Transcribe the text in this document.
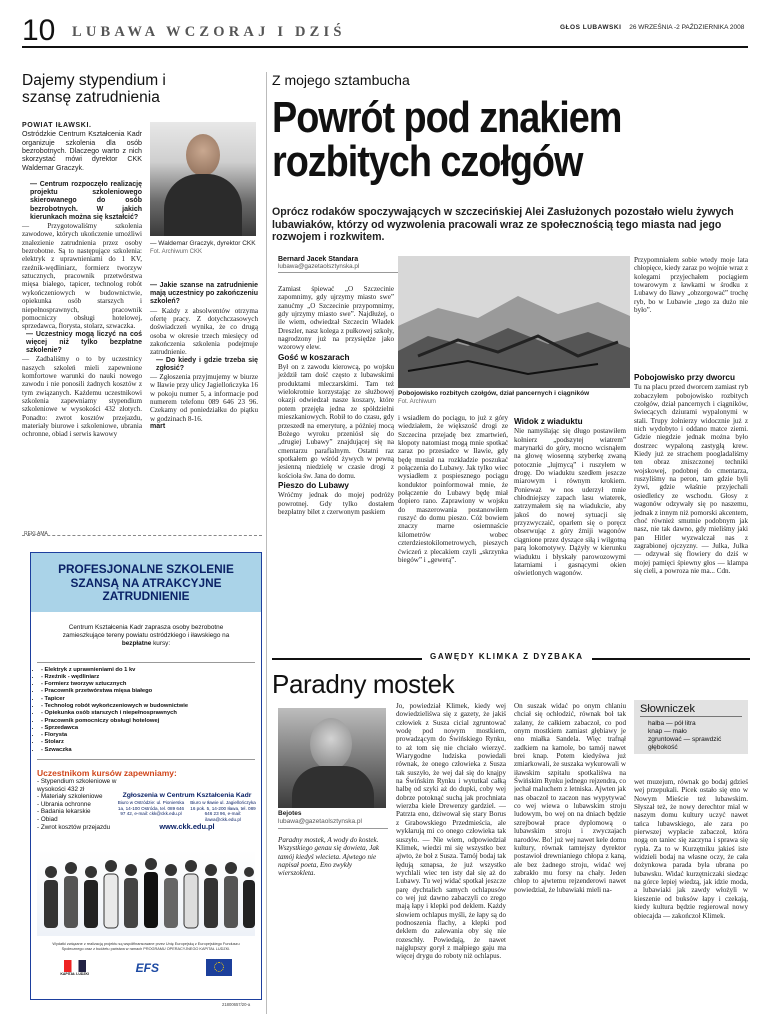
10 LUBAWA WCZORAJ I DZIŚ	GŁOS LUBAWSKI 26 WRZEŚNIA -2 PAŹDZIERNIKA 2008
Dajemy stypendium i szansę zatrudnienia
— Waldemar Graczyk, dyrektor CKK Fot. Archiwum CKK
POWIAT IŁAWSKI.

Ostródzkie Centrum Kształcenia Kadr organizuje szkolenia dla osób bezrobotnych. Dlaczego warto z nich skorzystać mówi dyrektor CKK Waldemar Graczyk.

— Centrum rozpoczęło realizację projektu szkoleniowego skierowanego do osób bezrobotnych. W jakich kierunkach można się kształcić?

— Przygotowaliśmy szkolenia zawodowe, których ukończenie umożliwi znalezienie zatrudnienia przez osoby bezrobotne. Są to następujące szkolenia: elektryk z uprawnieniami do 1 KV, rzeźnik-wędliniarz, formierz tworzyw sztucznych, pracownik przetwórstwa mięsa białego, tapicer, technolog robót wykończeniowych w budownictwie, opiekunka osób starszych i niepełnosprawnych, pracownik pomocniczy obsługi hotelowej, sprzedawca, florysta, stolarz, szwaczka.

— Uczestnicy mogą liczyć na coś więcej niż tylko bezpłatne szkolenie?

— Zadbaliśmy o to by uczestnicy naszych szkoleń mieli zapewnione komfortowe warunki do nauki nowego zawodu i nie ponosili żadnych kosztów z tym związanych. Każdemu uczestnikowi szkolenia zapewniamy stypendium szkoleniowe w wysokości 432 złotych. Ponadto: zwrot kosztów przejazdu, materiały biurowe i szkoleniowe, ubrania ochronne, obiad i serwis kawowy

— Jakie szanse na zatrudnienie mają uczestnicy po zakończeniu szkoleń?

— Każdy z absolwentów otrzyma ofertę pracy. Z dotychczasowych doświadczeń wynika, że co drugą osoba w okresie trzech miesięcy od zakończenia szkolenia podejmuje zatrudnienie.

— Do kiedy i gdzie trzeba się zgłosić?

— Zgłoszenia przyjmujemy w biurze w Iławie przy ulicy Jagiellończyka 16 w pokoju numer 5, a informacje pod numerem telefonu 089 646 23 96. Czekamy od poniedziałku do piątku w godzinach 8-16.

mart

REKLAMA
PROFESJONALNE SZKOLENIE SZANSĄ NA ATRAKCYJNE ZATRUDNIENIE
Centrum Kształcenia Kadr zaprasza osoby bezrobotne zamieszkujące tereny powiatu ostródzkiego i iławskiego na bezpłatne kursy:
- • Elektryk z uprawnieniami do 1 kv
- • Rzeźnik - wędliniarz
- • Formierz tworzyw sztucznych
- • Pracownik przetwórstwa mięsa białego
- • Tapicer
- • Technolog robót wykończeniowych w budownictwie
- • Opiekunka osób starszych i niepełnosprawnych
- • Pracownik pomocniczy obsługi hotelowej
- • Sprzedawca
- • Florysta
- • Stolarz
- • Szwaczka
Uczestnikom kursów zapewniamy:
- • Stypendium szkoleniowe w wysokości 432 zł
- • Materiały szkoleniowe
- • Ubrania ochronne
- • Badania lekarskie
- • Obiad
- • Zwrot kosztów przejazdu
Zgłoszenia w Centrum Kształcenia Kadr
Biuro w Ostródzie: ul. Pionierska 1a, 14-100 Ostróda, tel. 089 646 97 42, e-mail: ckk@ckk.edu.pl
Biuro w Iławie ul. Jagiellończyka 16 pok. 5, 14-200 Iława, tel. 089 646 23 96, e-mail: ilawa@ckk.edu.pl
www.ckk.edu.pl
Wydatki związane z realizacją projektu są współfinansowane przez Unię Europejską z Europejskiego Funduszu Społecznego oraz z budżetu państwa w ramach PROGRAMU OPERACYJNEGO KAPITAŁ LUDZKI.
KAPITAŁ LUDZKI	EFS
21800657/20-a
Z mojego sztambucha
Powrót pod znakiem rozbitych czołgów
Oprócz rodaków spoczywających w szczecińskiej Alei Zasłużonych pozostało wielu żywych lubawiaków, którzy od wyzwolenia pracowali wraz ze społecznością tego miasta nad jego rozwojem i rozkwitem.
Bernard Jacek Standara
lubawa@gazetaolsztynska.pl

Zamiast śpiewać „O Szczecinie zapomnimy, gdy ujrzymy miasto swe” zanućmy „O Szczecinie przypomnimy, gdy ujrzymy miasto swe”. Najdłużej, o ile wiem, odwiedzał Szczecin Władek Dreszler, nasz kolega z pułkowej szkoły, nagrodzony już na przysiędze jako wzorowy elew.

Gość w koszarach

Był on z zawodu kierowcą, po wojsku jeździł tam dość często z lubawskimi produktami mleczarskimi. Tam też wielokrotnie korzystając ze służbowej okazji odwiedzał nasze koszary, które potem przejęła jedna ze spółdzielni mieszkaniowych. Robił to do czasu, gdy przeszedł na emeryturę, a później mocą Bożego wyroku przeniósł się do „drugiej Lubawy” znajdującej się na cmentarzu parafialnym. Ostatni raz spotkałem go wśród żywych w pewną jesienną niedzielę w czasie drogi z kościoła św. Jana do domu.

Pieszo do Lubawy

Wróćmy jednak do mojej podróży powrotnej. Gdy tylko dostałem bezpłatny bilet z czerwonym paskiem

Pobojowisko rozbitych czołgów, dział pancernych i ciągników
Fot. Archiwum

i wsiadłem do pociągu, to już z góry wiedziałem, że większość drogi ze Szczecina przejadę bez zmartwień, kłopoty natomiast mogą mnie spotkać zaraz po przesiadce w Iławie, gdy będę musiał na rozkładzie poszukać połączenia do Lubawy. Jak tylko wiec wysiadłem z pospiesznego pociągu konduktor poinformował mnie, że połączenie do Lubawy będę miał dopiero rano. Zaprawiony w wojsku do maszerowania postanowiłem ruszyć do domu pieszo. Cóż bowiem znaczy marne osiemnaście kilometrów wobec czterdziestokilometrowych, pieszych ćwiczeń z plecakiem czyli „skrzynka biegów” i „gewerą”.

Widok z wiaduktu

Nie namyślając się długo postawiłem kołnierz „podszytej wiatrem” marynarki do góry, mocno wcisnąłem na głowę wiosenną szyberkę zwaną potocznie „lujmycą” i ruszyłem w drogę. Do wiaduktu szedłem jeszcze miarowym i równym krokiem. Ponieważ w nos uderzył mnie chłodniejszy zapach lasu wiaterek, zatrzymałem się na wiadukcie, aby jakoś do nowej sytuacji się przyzwyczaić, oparłem się o poręcz obserwując z góry źmiji wagonów ciągnione przez dyszące siłą i wilgotną parą lokomotywy. Dążyły w kierunku wiaduktu i błyskały parowozowymi latarniami i gasnącymi okien oświetlonych wagonów.

Przypomniałem sobie wtedy moje lata chłopięce, kiedy zaraz po wojnie wraz z kolegami przyjechałem pociągiem towarowym z ławkami w środku z Lubawy do Iławy „obzorgować” trochę ryb, bo w Lubawie „tego za dużo nie było”.

Pobojowisko przy dworcu

Tu na placu przed dworcem zamiast ryb zobaczyłem pobojowisko rozbitych czołgów, dział pancernych i ciągników, świecących dziurami wypalonymi w stali. Trupy żołnierzy widocznie już z nich wydobyto i oddano matce ziemi. Gdzie niegdzie jednak można było dostrzec wypaloną zastygłą krew. Kiedy już ze strachem poogladaliśmy ten obraz zniszczonej techniki wojskowej, podobnej do cmentarza, ruszyliśmy na peron, tam gdzie byli żywi, gdzie właśnie przyjechali osiedleńcy ze wschodu. Głosy z wagonów odzywały się po naszemu, jednak z innym niż pomorski akcentem, choć również smutnie podobnym jak nasz, nie tak dawno, gdy mieliśmy jaki pan Hitler wyzwalczał nas z zagrabionej ojczyzny. — Julka, Julka — odzywał się flowiery do dziś w mojej pamięci śpiewny głos — klampa się cieli, a powroza nie ma... Cdn.

GAWĘDY KLIMKA Z DYZBAKA
Paradny mostek
Bejotes
lubawa@gazetaolsztynska.pl

Paradny mostek, A wody do kostek. Wszystkiego genau się dowieta, Jak tamój kiedyś wlecieta. Ajwtego nie napisał poeta, Eno zwykły wierszokleta.

Jo, powiedział Klimek, kiedy wej dowiedzieliśwa się z gazety, że jakiś człowiek z Susza cicial zgruntować wodę pod nowym mostkiem, prowadzącym do Świńskiego Rynku, to aż tom się nie chciało wierzyć. Wiarygodne ludziska powiedali równak, że onego człowieka z Susza tak suszyło, że wej dał się do knajpy na Świńskim Rynku i wytutkal całką halbę od szyki aż do dupki, coby wej dobrze potoknąć suchą jak prochniata wierzba kiele Drewenzy gardziel. — Patrzta eno, dziwował się stary Borus z Grabowskiego Przedmieścia, ale wykłarują mi co onego człowieka tak suszyło. — Nie wiem, odpowiedział Klimek, wiedzi mi się wszystko bez ajwto, że boł z Susza. Tamój bodaj tak łędują sznapsa, że już wszystko wychlali wiec ten isty dał się aż do Lubawy. Tu wej widać spotkał jeszcze parę dychtalich samych ochlapusów co wej już dawno zabaczyli co zrego mają łapy i klepki pod deklem. Każdy słowiem ochlapus myśli, że łapy są do podnoszenia flachy, a klepki pod deklem do zalewania oby się nie rozeschły. Powiedają, że nawet najglupszy gorył z małpiego gaju ma więcej drygu do roboty niż ochlapus.

On suszak widać po onym chlaniu chciał się ochłodzić, równak boł tak zalany, że całkiem zabaczoł, co pod onym mostkiem zamiast głębiawy je eno miałka Sandela. Więc trafnął zadkiem na kamole, bo tamój nawet brei knap. Potem kiedyśwa już zmiarkowali, że suszaka wykurowali w iławskim szpitalu spotkaliśwa na Świńskim Rynku jednego rejzendra, co jechał maluchem z letniska. Ajwten jak nas obaczoł to zaczon nas wypytywać co wej wiewa o lubawskim stroju ludowym, bo wej on na dniach będzie szrejbował prace dyplomową o lubawskim stroju i zwyczajach narodów. Bo! już wej nawet kele domu kultury, równak tamtejszy dyrektor postawioł drewnianiego chłopa z kaną, ale bez żadnego stroju, widać wej zabrakło mu forsy na chały. Jeden chłop to ajwtemu rejzenderowi nawet powiedział, że lubawiaki mieli na-

Słowniczek
halba — pół litra
knap — mało
zgruntować — sprawdzić głębokość

wet muzejum, równak go bodaj gdzieś wej przepukali. Picek ostało się eno w Nowym Mieście też lubawskim. Słyszał też, że nowy derechtor mial w naszym domu kultury uczyć nawet tańca lubawskiego, ale zara po pierwszej wypłacie zabaczoł, która nogą on taniec się zaczyna i sprawa się rypła. Za to w Kurzętniku jakieś iste widzieli bodaj na własne oczy, że cała dożynkowa parada była ubrana po lubawsku. Widać kurzętniczaki siedząc na górce lepiej wiedzą, jak idzie moda, a lubawiaki jak zawdy włożyli w kieszenie od buksów łapy i czekają, kiedy kultura będzie regierowal nowy obiecajda — zakończoł Klimek.
